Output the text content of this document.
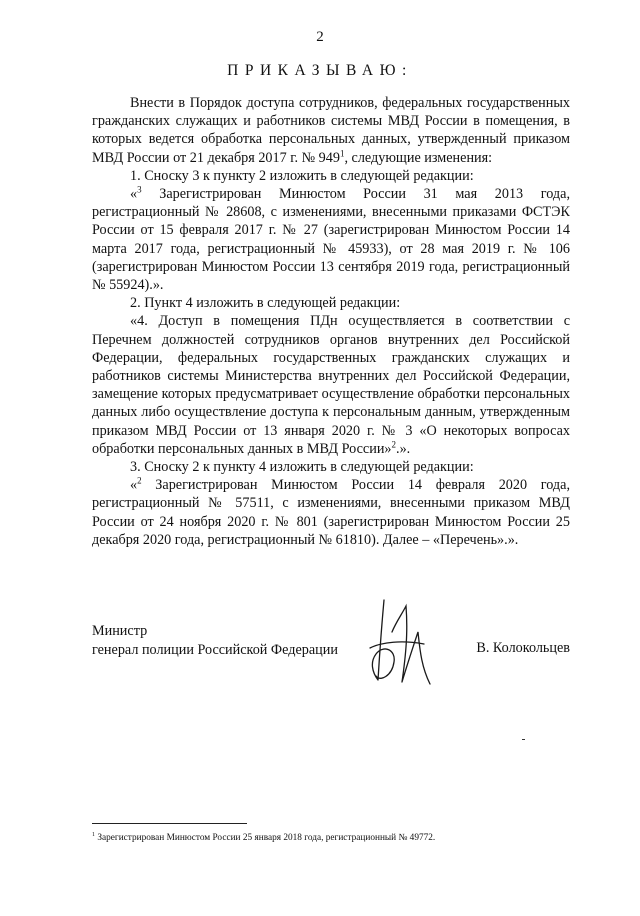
2
ПРИКАЗЫВАЮ:

Внести в Порядок доступа сотрудников, федеральных государственных гражданских служащих и работников системы МВД России в помещения, в которых ведется обработка персональных данных, утвержденный приказом МВД России от 21 декабря 2017 г. № $949^1$, следующие изменения:

1. Сноску 3 к пункту 2 изложить в следующей редакции:

«$^3$ Зарегистрирован Минюстом России 31 мая 2013 года, регистрационный № 28608, с изменениями, внесенными приказами ФСТЭК России от 15 февраля 2017 г. № 27 (зарегистрирован Минюстом России 14 марта 2017 года, регистрационный № 45933), от 28 мая 2019 г. № 106 (зарегистрирован Минюстом России 13 сентября 2019 года, регистрационный № 55924).».

2. Пункт 4 изложить в следующей редакции:

«4. Доступ в помещения ПДн осуществляется в соответствии с Перечнем должностей сотрудников органов внутренних дел Российской Федерации, федеральных государственных гражданских служащих и работников системы Министерства внутренних дел Российской Федерации, замещение которых предусматривает осуществление обработки персональных данных либо осуществление доступа к персональным данным, утвержденным приказом МВД России от 13 января 2020 г. № 3 «О некоторых вопросах обработки персональных данных в МВД России»$^2$.».

3. Сноску 2 к пункту 4 изложить в следующей редакции:

«$^2$ Зарегистрирован Минюстом России 14 февраля 2020 года, регистрационный № 57511, с изменениями, внесенными приказом МВД России от 24 ноября 2020 г. № 801 (зарегистрирован Минюстом России 25 декабря 2020 года, регистрационный № 61810). Далее – «Перечень».».

Министр
генерал полиции Российской Федерации	В. Колокольцев
$^1$ Зарегистрирован Минюстом России 25 января 2018 года, регистрационный № 49772.
